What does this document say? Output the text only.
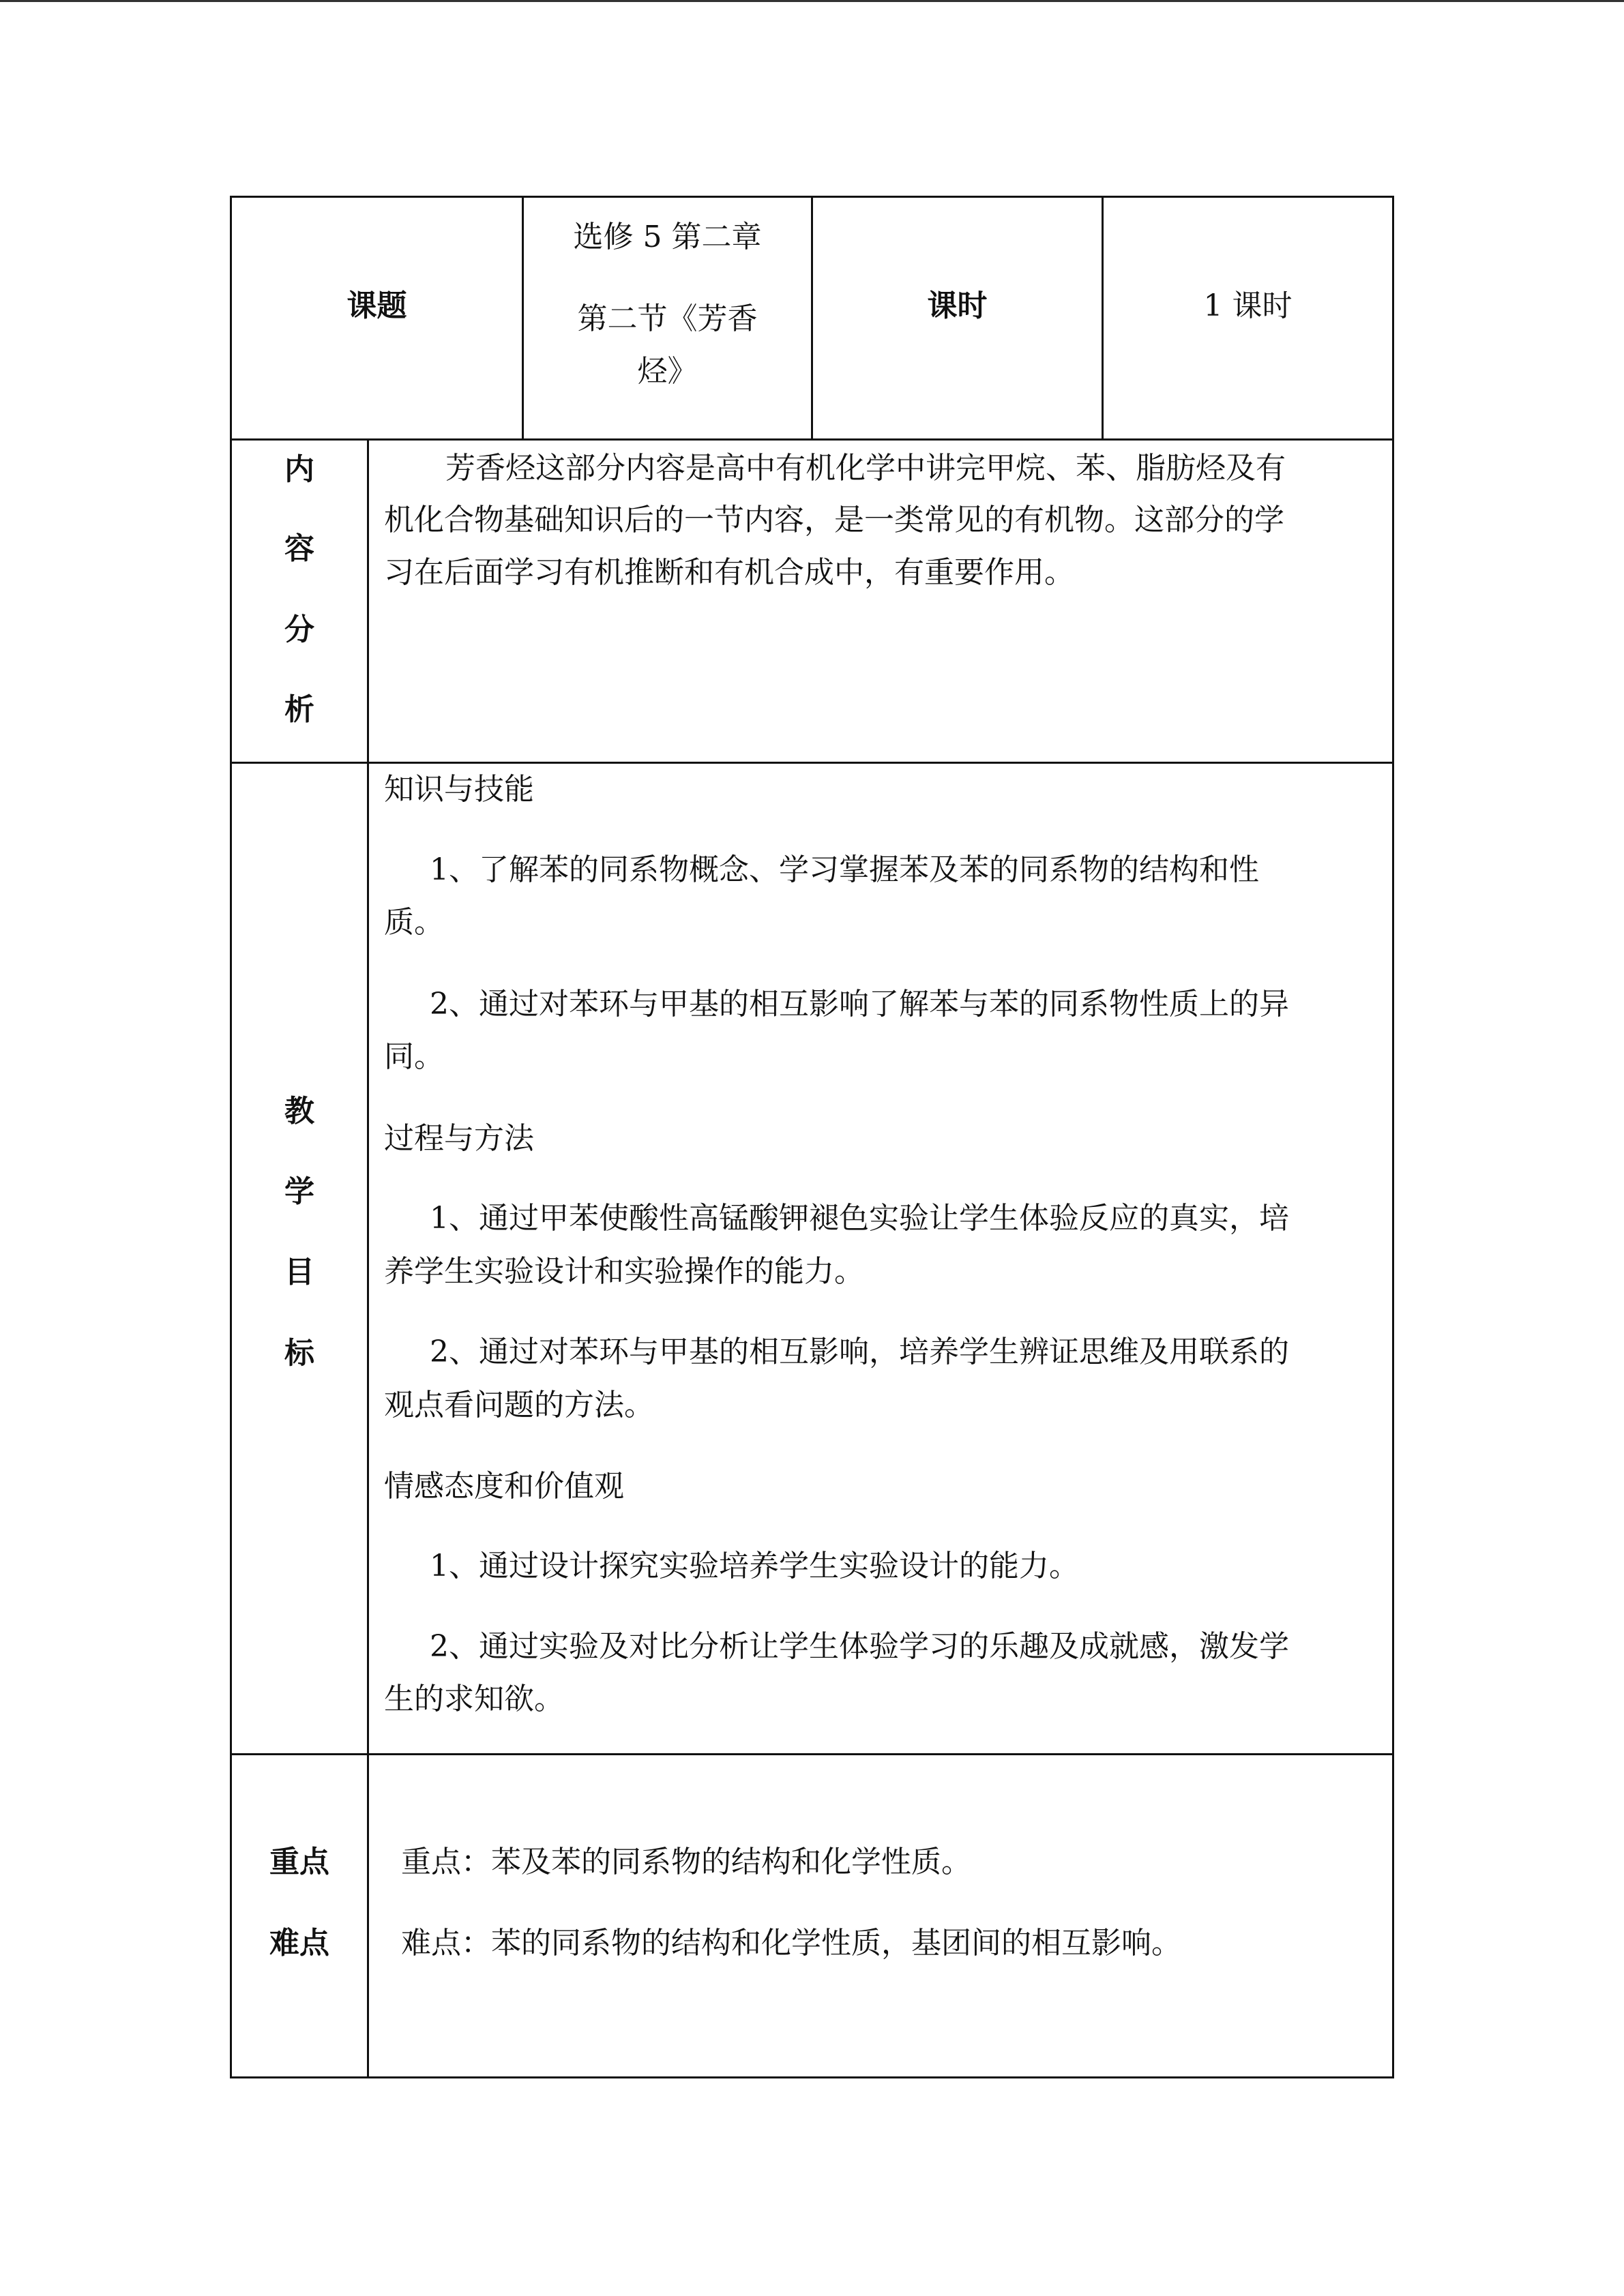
课题
选修 5 第二章
第二节《芳香
烃》
课时	1 课时
内
容
分
析
芳香烃这部分内容是高中有机化学中讲完甲烷、苯、脂肪烃及有
机化合物基础知识后的一节内容，是一类常见的有机物。这部分的学
习在后面学习有机推断和有机合成中，有重要作用。
教
学
目
标
知识与技能
1、了解苯的同系物概念、学习掌握苯及苯的同系物的结构和性
质。
2、通过对苯环与甲基的相互影响了解苯与苯的同系物性质上的异
同。
过程与方法
1、通过甲苯使酸性高锰酸钾褪色实验让学生体验反应的真实，培
养学生实验设计和实验操作的能力。
2、通过对苯环与甲基的相互影响，培养学生辨证思维及用联系的
观点看问题的方法。
情感态度和价值观
1、通过设计探究实验培养学生实验设计的能力。
2、通过实验及对比分析让学生体验学习的乐趣及成就感，激发学
生的求知欲。
重点
难点
重点：苯及苯的同系物的结构和化学性质。
难点：苯的同系物的结构和化学性质，基团间的相互影响。
